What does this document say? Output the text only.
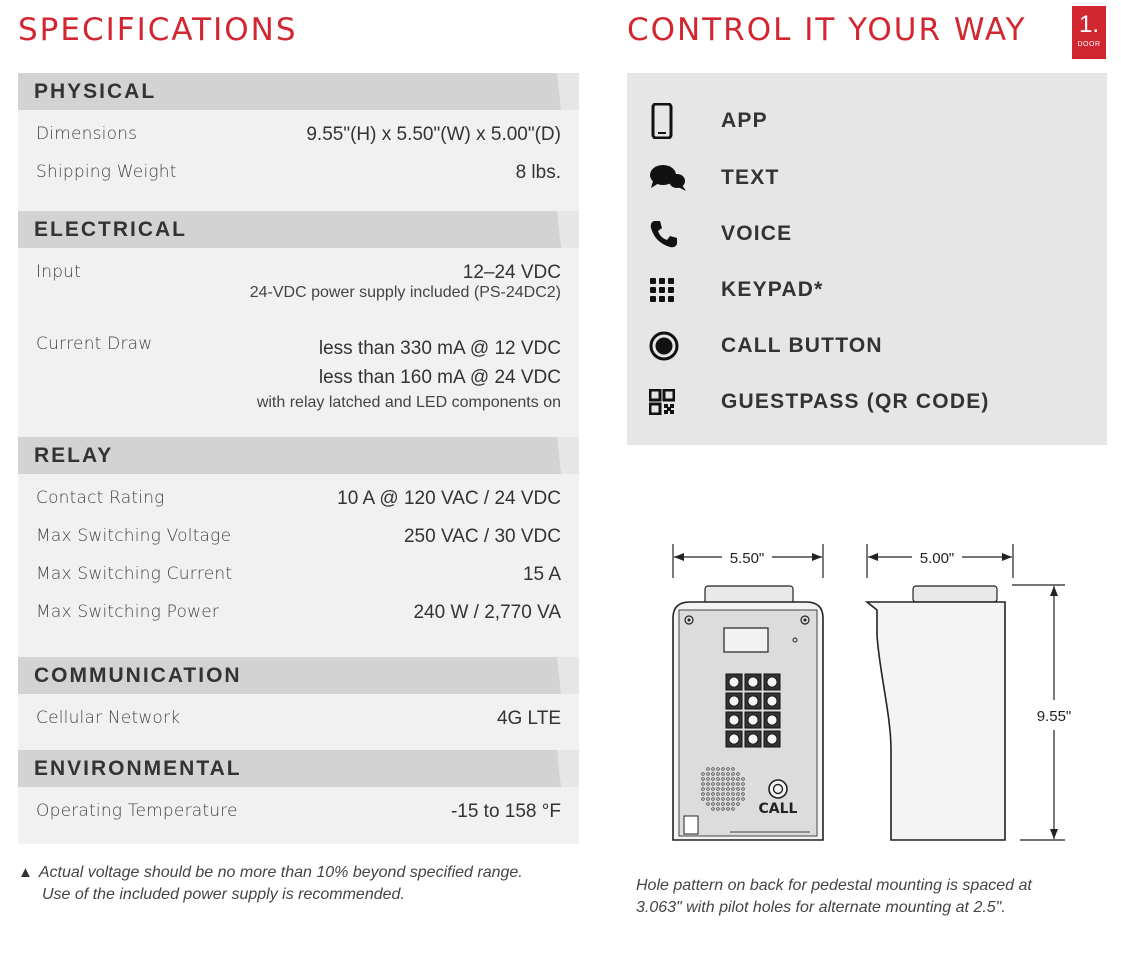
SPECIFICATIONS	CONTROL IT YOUR WAY 1.
DOOR
PHYSICAL
Dimensions	9.55"(H) x 5.50"(W) x 5.00"(D)
Shipping Weight	8 lbs.
ELECTRICAL
Input	12–24 VDC
24-VDC power supply included (PS-24DC2)
Current Draw	less than 330 mA @ 12 VDC
less than 160 mA @ 24 VDC
with relay latched and LED components on
RELAY
Contact Rating	10 A @ 120 VAC / 24 VDC
Max Switching Voltage	250 VAC / 30 VDC
Max Switching Current	15 A
Max Switching Power	240 W / 2,770 VA
COMMUNICATION
Cellular Network	4G LTE
ENVIRONMENTAL
Operating Temperature	-15 to 158 °F
▲ Actual voltage should be no more than 10% beyond specified range.
Use of the included power supply is recommended.
APP
TEXT
VOICE
KEYPAD*
CALL BUTTON
GUESTPASS (QR CODE)
5.50"	5.00"
9.55"
CALL
Hole pattern on back for pedestal mounting is spaced at
3.063" with pilot holes for alternate mounting at 2.5".
